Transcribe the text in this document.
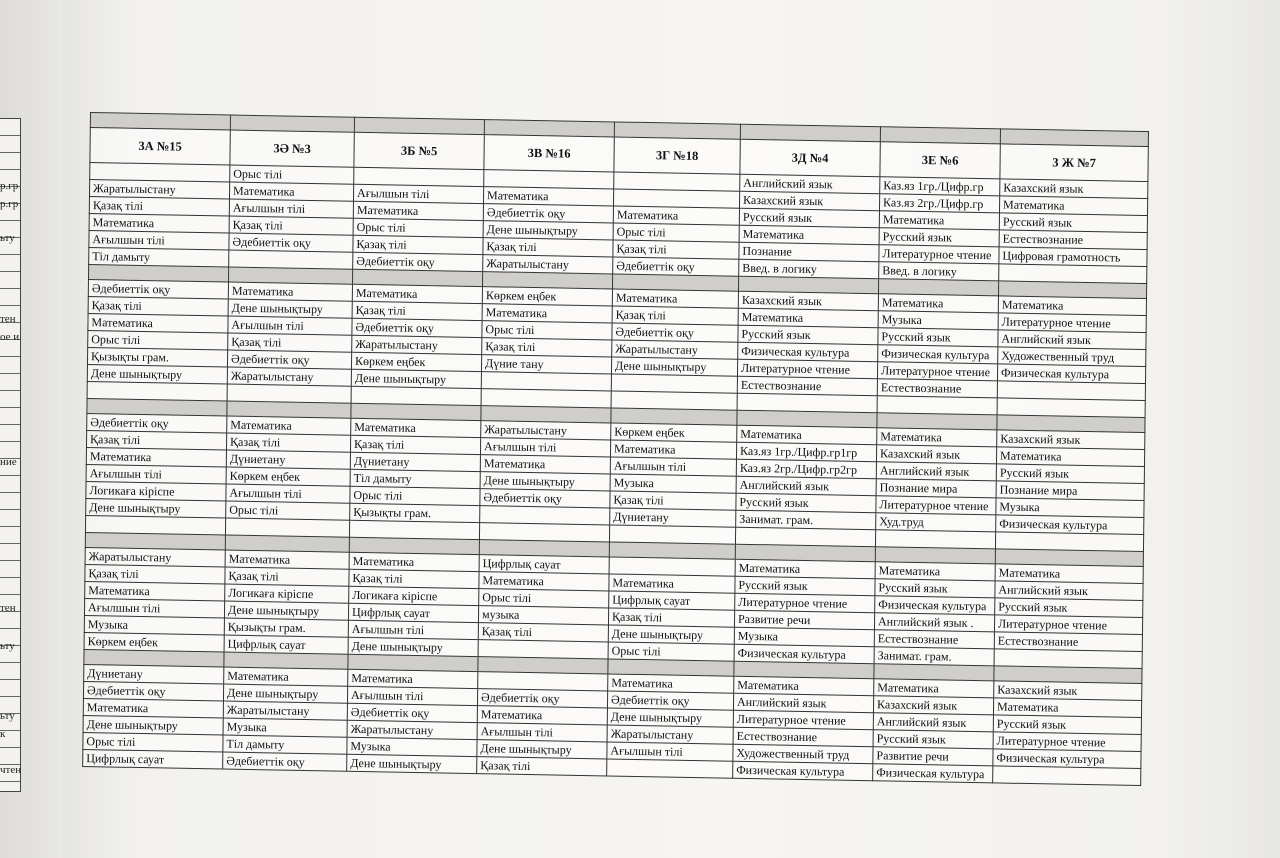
р.гр
р.гр
ьту
тен
ое и
ние
тен
ьту
ьту
к
чтен

3А №15	3Ә №3	3Б №5	3В №16	3Г №18	3Д №4	3Е №6	3 Ж №7
	Орыс тілі				Английский язык	Каз.яз 1гр./Цифр.гр	Казахский язык
Жаратылыстану	Математика	Ағылшын тілі	Математика		Казахский язык	Каз.яз 2гр./Цифр.гр	Математика
Қазақ тілі	Ағылшын тілі	Математика	Әдебиеттік оқу	Математика	Русский язык	Математика	Русский язык
Математика	Қазақ тілі	Орыс тілі	Дене шынықтыру	Орыс тілі	Математика	Русский язык	Естествознание
Ағылшын тілі	Әдебиеттік оқу	Қазақ тілі	Қазақ тілі	Қазақ тілі	Познание	Литературное чтение	Цифровая грамотность
Тіл дамыту		Әдебиеттік оқу	Жаратылыстану	Әдебиеттік оқу	Введ. в логику	Введ. в логику	

Әдебиеттік оқу	Математика	Математика	Көркем еңбек	Математика	Казахский язык	Математика	Математика
Қазақ тілі	Дене шынықтыру	Қазақ тілі	Математика	Қазақ тілі	Математика	Музыка	Литературное чтение
Математика	Ағылшын тілі	Әдебиеттік оқу	Орыс тілі	Әдебиеттік оқу	Русский язык	Русский язык	Английский язык
Орыс тілі	Қазақ тілі	Жаратылыстану	Қазақ тілі	Жаратылыстану	Физическая культура	Физическая культура	Художественный труд
Қызықты грам.	Әдебиеттік оқу	Көркем еңбек	Дүние тану	Дене шынықтыру	Литературное чтение	Литературное чтение	Физическая культура
Дене шынықтыру	Жаратылыстану	Дене шынықтыру			Естествознание	Естествознание	

Әдебиеттік оқу	Математика	Математика	Жаратылыстану	Көркем еңбек	Математика	Математика	Казахский язык
Қазақ тілі	Қазақ тілі	Қазақ тілі	Ағылшын тілі	Математика	Каз.яз 1гр./Цифр.гр1гр	Казахский язык	Математика
Математика	Дүниетану	Дүниетану	Математика	Ағылшын тілі	Каз.яз 2гр./Цифр.гр2гр	Английский язык	Русский язык
Ағылшын тілі	Көркем еңбек	Тіл дамыту	Дене шынықтыру	Музыка	Английский язык	Познание мира	Познание мира
Логикаға кіріспе	Ағылшын тілі	Орыс тілі	Әдебиеттік оқу	Қазақ тілі	Русский язык	Литературное чтение	Музыка
Дене шынықтыру	Орыс тілі	Қызықты грам.		Дүниетану	Занимат. грам.	Худ.труд	Физическая культура

Жаратылыстану	Математика	Математика	Цифрлық сауат		Математика	Математика	Математика
Қазақ тілі	Қазақ тілі	Қазақ тілі	Математика	Математика	Русский язык	Русский язык	Английский язык
Математика	Логикаға кіріспе	Логикаға кіріспе	Орыс тілі	Цифрлық сауат	Литературное чтение	Физическая культура	Русский язык
Ағылшын тілі	Дене шынықтыру	Цифрлық сауат	музыка	Қазақ тілі	Развитие речи	Английский язык .	Литературное чтение
Музыка	Қызықты грам.	Ағылшын тілі	Қазақ тілі	Дене шынықтыру	Музыка	Естествознание	Естествознание
Көркем еңбек	Цифрлық сауат	Дене шынықтыру		Орыс тілі	Физическая культура	Занимат. грам.	

Дүниетану	Математика	Математика		Математика	Математика	Математика	Казахский язык
Әдебиеттік оқу	Дене шынықтыру	Ағылшын тілі	Әдебиеттік оқу	Әдебиеттік оқу	Английский язык	Казахский язык	Математика
Математика	Жаратылыстану	Әдебиеттік оқу	Математика	Дене шынықтыру	Литературное чтение	Английский язык	Русский язык
Дене шынықтыру	Музыка	Жаратылыстану	Ағылшын тілі	Жаратылыстану	Естествознание	Русский язык	Литературное чтение
Орыс тілі	Тіл дамыту	Музыка	Дене шынықтыру	Ағылшын тілі	Художественный труд	Развитие речи	Физическая культура
Цифрлық сауат	Әдебиеттік оқу	Дене шынықтыру	Қазақ тілі		Физическая культура	Физическая культура	
